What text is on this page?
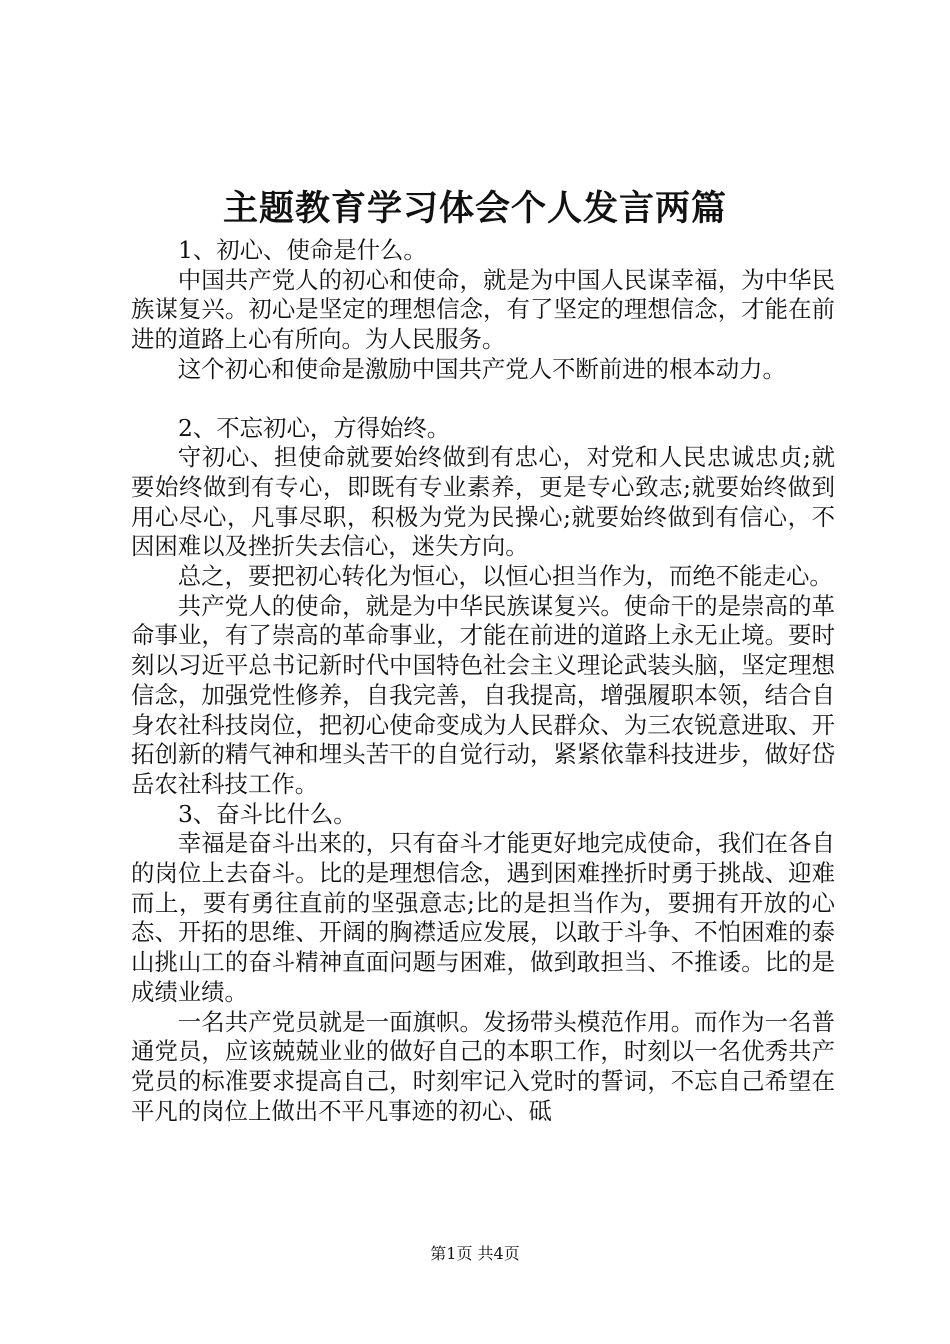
主题教育学习体会个人发言两篇

1、初心、使命是什么。

中国共产党人的初心和使命，就是为中国人民谋幸福，为中华民族谋复兴。初心是坚定的理想信念，有了坚定的理想信念，才能在前进的道路上心有所向。为人民服务。

这个初心和使命是激励中国共产党人不断前进的根本动力。

2、不忘初心，方得始终。

守初心、担使命就要始终做到有忠心，对党和人民忠诚忠贞;就要始终做到有专心，即既有专业素养，更是专心致志;就要始终做到用心尽心，凡事尽职，积极为党为民操心;就要始终做到有信心，不因困难以及挫折失去信心，迷失方向。

总之，要把初心转化为恒心，以恒心担当作为，而绝不能走心。

共产党人的使命，就是为中华民族谋复兴。使命干的是崇高的革命事业，有了崇高的革命事业，才能在前进的道路上永无止境。要时刻以习近平总书记新时代中国特色社会主义理论武装头脑，坚定理想信念，加强党性修养，自我完善，自我提高，增强履职本领，结合自身农社科技岗位，把初心使命变成为人民群众、为三农锐意进取、开拓创新的精气神和埋头苦干的自觉行动，紧紧依靠科技进步，做好岱岳农社科技工作。

3、奋斗比什么。

幸福是奋斗出来的，只有奋斗才能更好地完成使命，我们在各自的岗位上去奋斗。比的是理想信念，遇到困难挫折时勇于挑战、迎难而上，要有勇往直前的坚强意志;比的是担当作为，要拥有开放的心态、开拓的思维、开阔的胸襟适应发展，以敢于斗争、不怕困难的泰山挑山工的奋斗精神直面问题与困难，做到敢担当、不推诿。比的是成绩业绩。

一名共产党员就是一面旗帜。发扬带头模范作用。而作为一名普通党员，应该兢兢业业的做好自己的本职工作，时刻以一名优秀共产党员的标准要求提高自己，时刻牢记入党时的誓词，不忘自己希望在平凡的岗位上做出不平凡事迹的初心、砥

第1页 共4页
